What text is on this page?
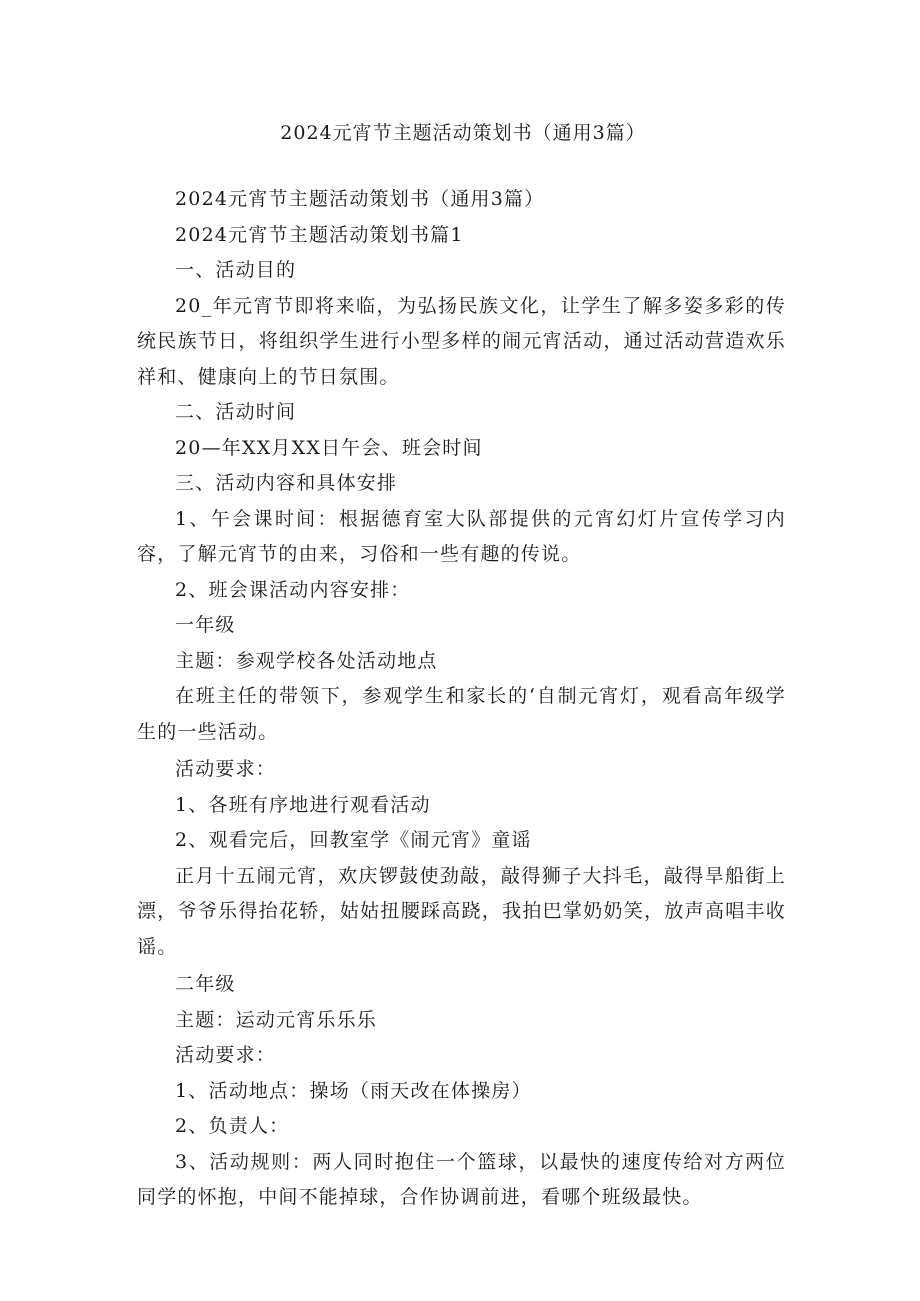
2024元宵节主题活动策划书（通用3篇）

2024元宵节主题活动策划书（通用3篇）

2024元宵节主题活动策划书篇1

一、活动目的

20_年元宵节即将来临，为弘扬民族文化，让学生了解多姿多彩的传统民族节日，将组织学生进行小型多样的闹元宵活动，通过活动营造欢乐祥和、健康向上的节日氛围。

二、活动时间

20—年XX月XX日午会、班会时间

三、活动内容和具体安排

1、午会课时间：根据德育室大队部提供的元宵幻灯片宣传学习内容，了解元宵节的由来，习俗和一些有趣的传说。

2、班会课活动内容安排：

一年级

主题：参观学校各处活动地点

在班主任的带领下，参观学生和家长的‘自制元宵灯，观看高年级学生的一些活动。

活动要求：

1、各班有序地进行观看活动

2、观看完后，回教室学《闹元宵》童谣

正月十五闹元宵，欢庆锣鼓使劲敲，敲得狮子大抖毛，敲得旱船街上漂，爷爷乐得抬花轿，姑姑扭腰踩高跷，我拍巴掌奶奶笑，放声高唱丰收谣。

二年级

主题：运动元宵乐乐乐

活动要求：

1、活动地点：操场（雨天改在体操房）

2、负责人：

3、活动规则：两人同时抱住一个篮球，以最快的速度传给对方两位同学的怀抱，中间不能掉球，合作协调前进，看哪个班级最快。
